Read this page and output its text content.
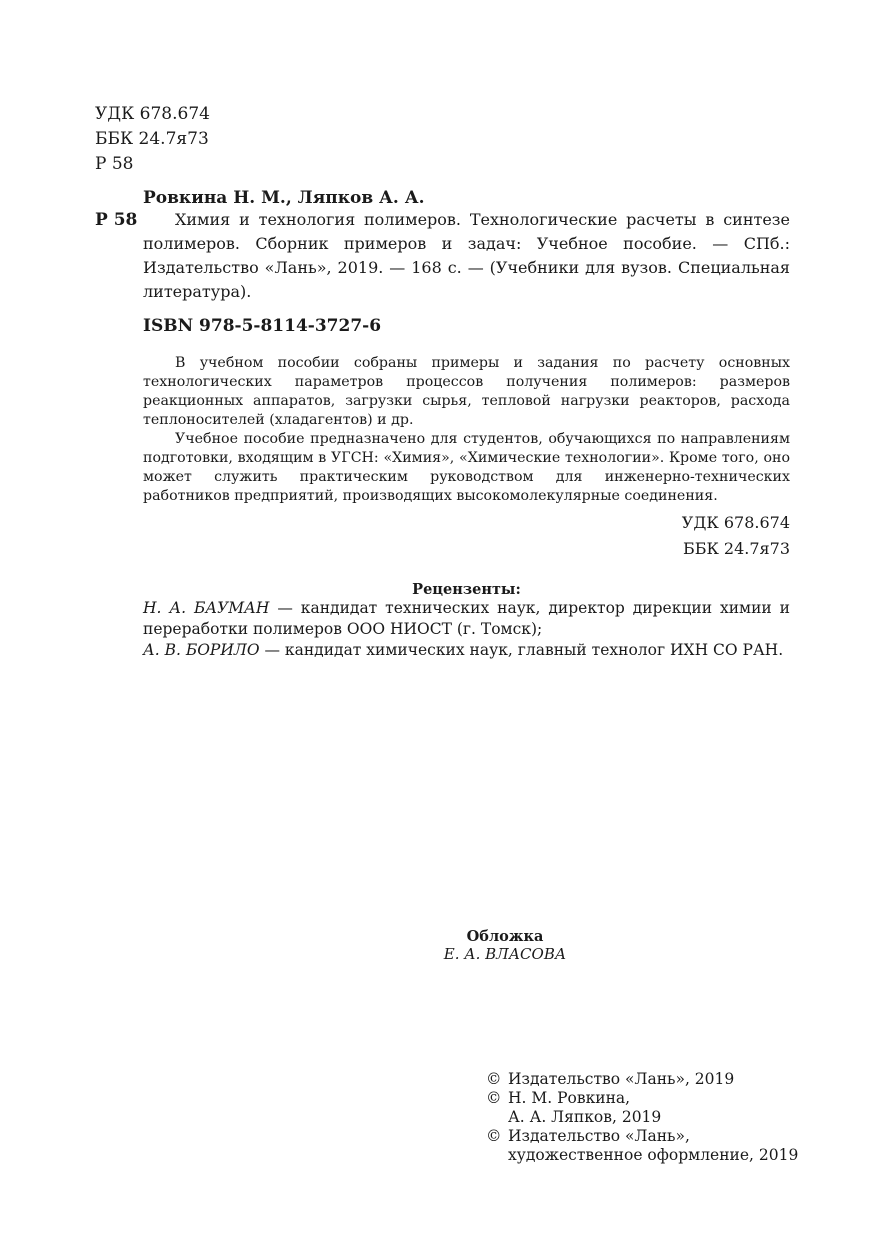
УДК 678.674
ББК 24.7я73
Р 58
Ровкина Н. М., Ляпков А. А.
Р 58	Химия и технология полимеров. Технологические расчеты в синтезе полимеров. Сборник примеров и задач: Учебное пособие. — СПб.: Издательство «Лань», 2019. — 168 с. — (Учебники для вузов. Специальная литература).
ISBN 978-5-8114-3727-6
В учебном пособии собраны примеры и задания по расчету основных технологических параметров процессов получения полимеров: размеров реакционных аппаратов, загрузки сырья, тепловой нагрузки реакторов, расхода теплоносителей (хладагентов) и др.
Учебное пособие предназначено для студентов, обучающихся по направлениям подготовки, входящим в УГСН: «Химия», «Химические технологии». Кроме того, оно может служить практическим руководством для инженерно-технических работников предприятий, производящих высокомолекулярные соединения.
УДК 678.674
ББК 24.7я73
Рецензенты:
Н. А. БАУМАН — кандидат технических наук, директор дирекции химии и переработки полимеров ООО НИОСТ (г. Томск);
А. В. БОРИЛО — кандидат химических наук, главный технолог ИХН СО РАН.
Обложка
Е. А. ВЛАСОВА
© Издательство «Лань», 2019
© Н. М. Ровкина,
А. А. Ляпков, 2019
© Издательство «Лань»,
художественное оформление, 2019
